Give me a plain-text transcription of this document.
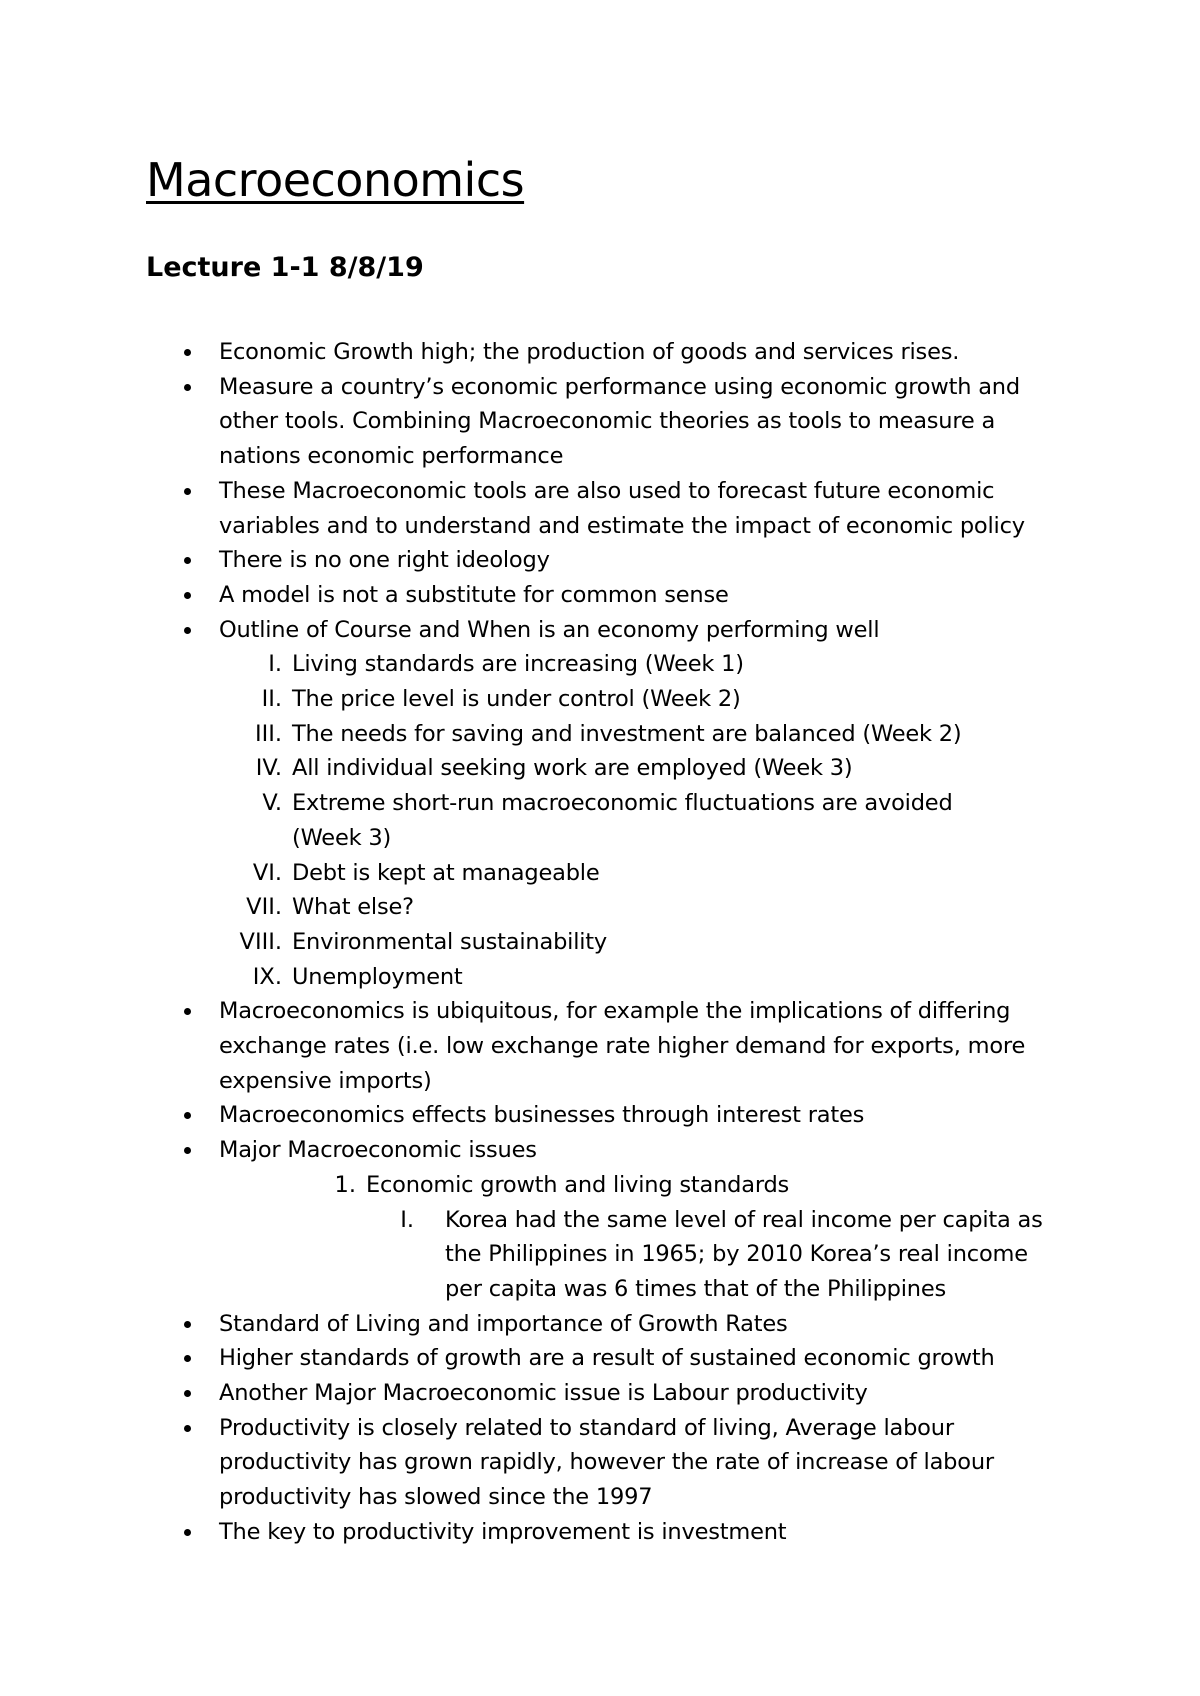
Macroeconomics
Lecture 1-1 8/8/19
Economic Growth high; the production of goods and services rises.
Measure a country’s economic performance using economic growth and
other tools. Combining Macroeconomic theories as tools to measure a
nations economic performance
These Macroeconomic tools are also used to forecast future economic
variables and to understand and estimate the impact of economic policy
There is no one right ideology
A model is not a substitute for common sense
Outline of Course and When is an economy performing well
I. Living standards are increasing (Week 1)
II. The price level is under control (Week 2)
III. The needs for saving and investment are balanced (Week 2)
IV. All individual seeking work are employed (Week 3)
V. Extreme short-run macroeconomic fluctuations are avoided
(Week 3)
VI. Debt is kept at manageable
VII. What else?
VIII. Environmental sustainability
IX. Unemployment
Macroeconomics is ubiquitous, for example the implications of differing
exchange rates (i.e. low exchange rate higher demand for exports, more
expensive imports)
Macroeconomics effects businesses through interest rates
Major Macroeconomic issues
1. Economic growth and living standards
I. Korea had the same level of real income per capita as
the Philippines in 1965; by 2010 Korea’s real income
per capita was 6 times that of the Philippines
Standard of Living and importance of Growth Rates
Higher standards of growth are a result of sustained economic growth
Another Major Macroeconomic issue is Labour productivity
Productivity is closely related to standard of living, Average labour
productivity has grown rapidly, however the rate of increase of labour
productivity has slowed since the 1997
The key to productivity improvement is investment
